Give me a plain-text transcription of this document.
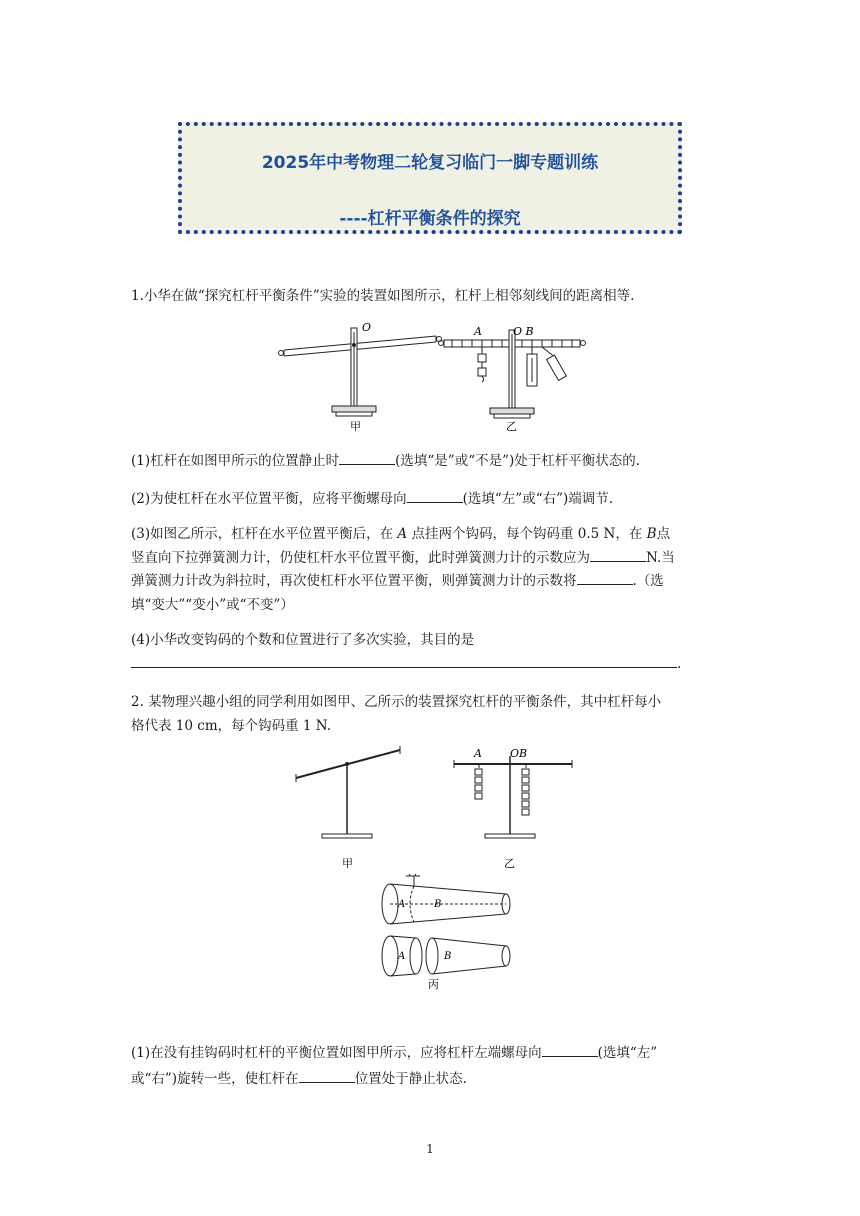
2025年中考物理二轮复习临门一脚专题训练
----杠杆平衡条件的探究
1.小华在做“探究杠杆平衡条件”实验的装置如图所示，杠杆上相邻刻线间的距离相等.
O
甲
A	O B
乙
(1)杠杆在如图甲所示的位置静止时	(选填“是”或“不是”)处于杠杆平衡状态的.
(2)为使杠杆在水平位置平衡，应将平衡螺母向	(选填“左”或“右”)端调节.
(3)如图乙所示，杠杆在水平位置平衡后，在 A 点挂两个钩码，每个钩码重 0.5 N，在 B点
竖直向下拉弹簧测力计，仍使杠杆水平位置平衡，此时弹簧测力计的示数应为	N.当
弹簧测力计改为斜拉时，再次使杠杆水平位置平衡，则弹簧测力计的示数将	.（选
填“变大”“变小”或“不变”）
(4)小华改变钩码的个数和位置进行了多次实验，其目的是
.
2. 某物理兴趣小组的同学利用如图甲、乙所示的装置探究杠杆的平衡条件，其中杠杆每小
格代表 10 cm，每个钩码重 1 N.
甲
A	OB
乙
A	B
A	B
丙
(1)在没有挂钩码时杠杆的平衡位置如图甲所示，应将杠杆左端螺母向	(选填“左”
或“右”)旋转一些，使杠杆在	位置处于静止状态.
1
